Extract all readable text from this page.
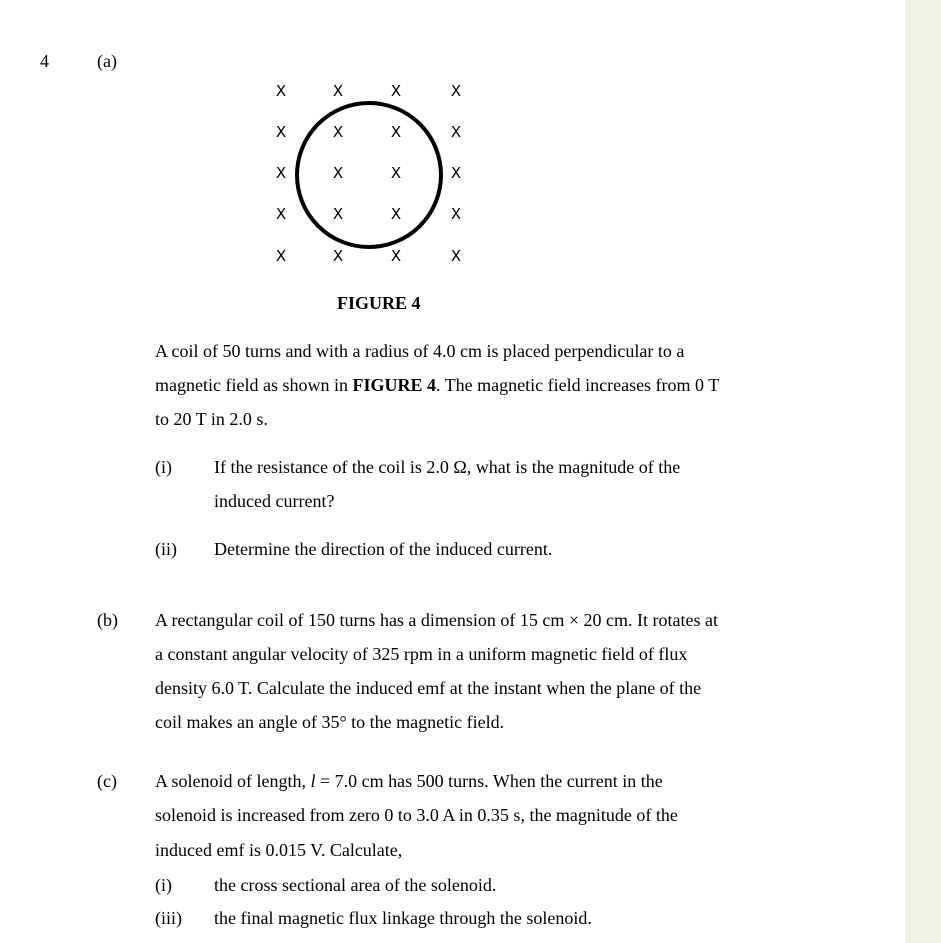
4	(a)
X	X	X	X
X	X	X	X
X	X	X	X
X	X	X	X
X	X	X	X
FIGURE 4
A coil of 50 turns and with a radius of 4.0 cm is placed perpendicular to a
magnetic field as shown in FIGURE 4. The magnetic field increases from 0 T
to 20 T in 2.0 s.
(i) If the resistance of the coil is 2.0 Ω, what is the magnitude of the
induced current?
(ii) Determine the direction of the induced current.
(b) A rectangular coil of 150 turns has a dimension of 15 cm × 20 cm. It rotates at
a constant angular velocity of 325 rpm in a uniform magnetic field of flux
density 6.0 T. Calculate the induced emf at the instant when the plane of the
coil makes an angle of 35° to the magnetic field.
(c) A solenoid of length, l = 7.0 cm has 500 turns. When the current in the
solenoid is increased from zero 0 to 3.0 A in 0.35 s, the magnitude of the
induced emf is 0.015 V. Calculate,
(i) the cross sectional area of the solenoid.
(iii) the final magnetic flux linkage through the solenoid.
